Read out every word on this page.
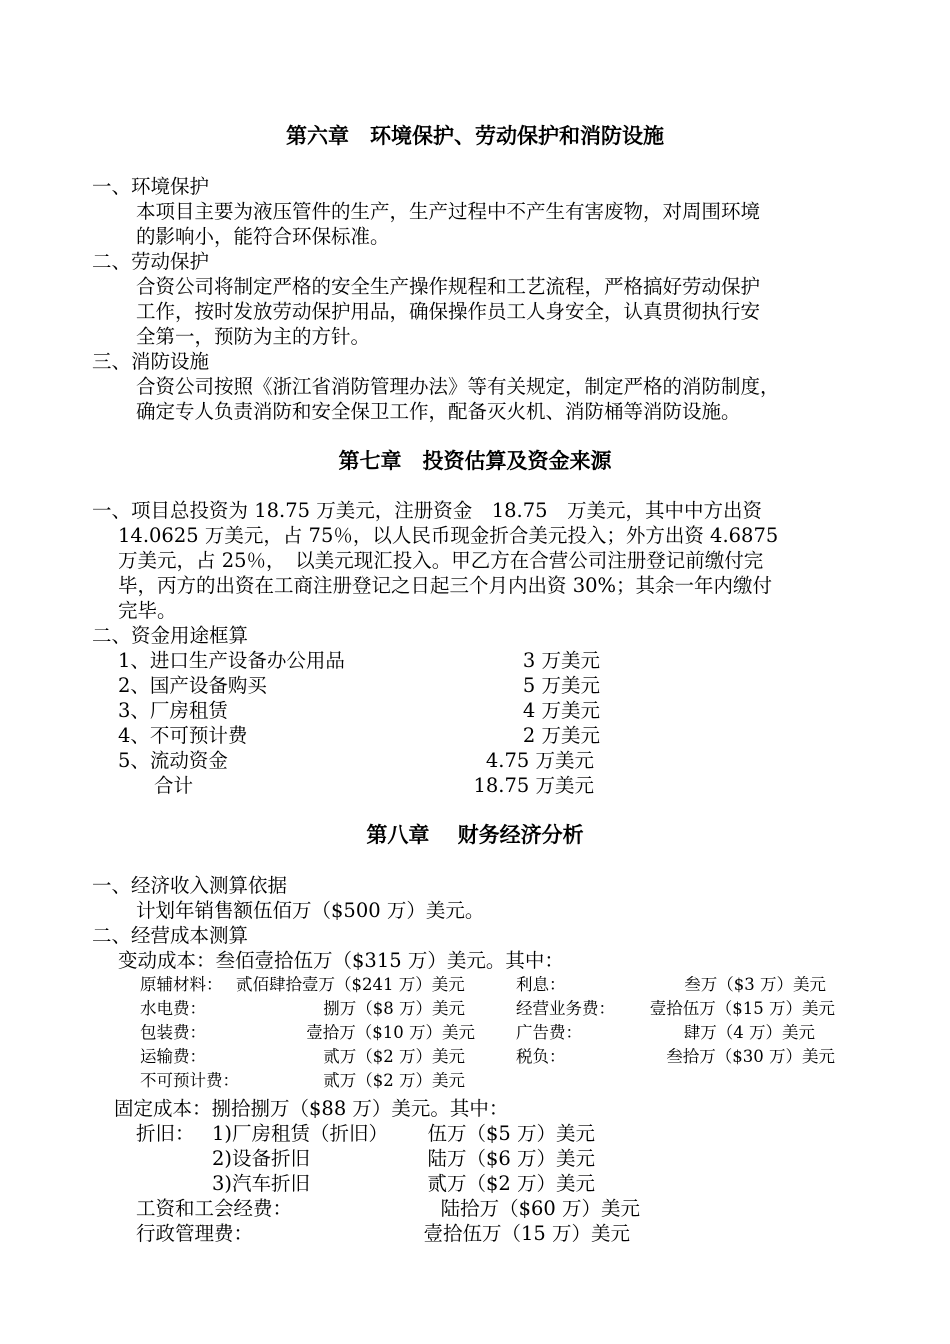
第六章　环境保护、劳动保护和消防设施
一、环境保护
本项目主要为液压管件的生产，生产过程中不产生有害废物，对周围环境
的影响小，能符合环保标准。
二、劳动保护
合资公司将制定严格的安全生产操作规程和工艺流程，严格搞好劳动保护
工作，按时发放劳动保护用品，确保操作员工人身安全，认真贯彻执行安
全第一，预防为主的方针。
三、消防设施
合资公司按照《浙江省消防管理办法》等有关规定，制定严格的消防制度，
确定专人负责消防和安全保卫工作，配备灭火机、消防桶等消防设施。
第七章　投资估算及资金来源
一、项目总投资为 18.75 万美元，注册资金　18.75　万美元，其中中方出资
14.0625 万美元，占 75％，以人民币现金折合美元投入；外方出资 4.6875
万美元，占 25％，　以美元现汇投入。甲乙方在合营公司注册登记前缴付完
毕，丙方的出资在工商注册登记之日起三个月内出资 30%；其余一年内缴付
完毕。
二、资金用途框算
1、进口生产设备办公用品	3 万美元
2、国产设备购买	5 万美元
3、厂房租赁	4 万美元
4、不可预计费	2 万美元
5、流动资金	4.75 万美元
合计	18.75 万美元
第八章　 财务经济分析
一、经济收入测算依据
计划年销售额伍佰万（$500 万）美元。
二、经营成本测算
变动成本：叁佰壹拾伍万（$315 万）美元。其中：
原辅材料： 贰佰肆拾壹万（$241 万）美元	利息：	叁万（$3 万）美元
水电费：	捌万（$8 万）美元	经营业务费：	壹拾伍万（$15 万）美元
包装费：	壹拾万（$10 万）美元 广告费：	肆万（4 万）美元
运输费：	贰万（$2 万）美元	税负：	叁拾万（$30 万）美元
不可预计费：	贰万（$2 万）美元
固定成本：捌拾捌万（$88 万）美元。其中：
折旧： 1)厂房租赁（折旧）	伍万（$5 万）美元
2)设备折旧	陆万（$6 万）美元
3)汽车折旧	贰万（$2 万）美元
工资和工会经费：	陆拾万（$60 万）美元
行政管理费：	壹拾伍万（15 万）美元
